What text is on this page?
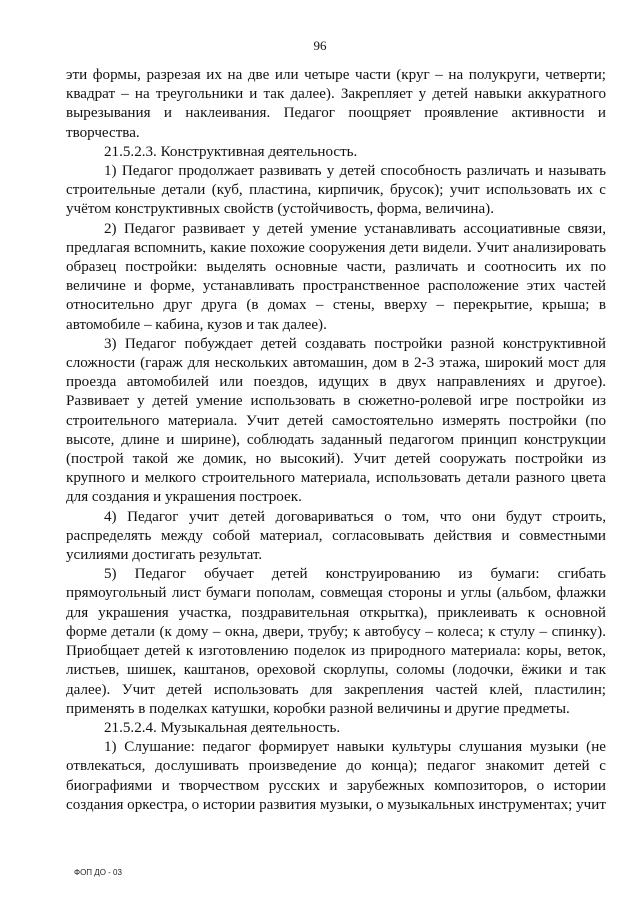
96

эти формы, разрезая их на две или четыре части (круг – на полукруги, четверти; квадрат – на треугольники и так далее). Закрепляет у детей навыки аккуратного вырезывания и наклеивания. Педагог поощряет проявление активности и творчества.

21.5.2.3. Конструктивная деятельность.

1) Педагог продолжает развивать у детей способность различать и называть строительные детали (куб, пластина, кирпичик, брусок); учит использовать их с учётом конструктивных свойств (устойчивость, форма, величина).

2) Педагог развивает у детей умение устанавливать ассоциативные связи, предлагая вспомнить, какие похожие сооружения дети видели. Учит анализировать образец постройки: выделять основные части, различать и соотносить их по величине и форме, устанавливать пространственное расположение этих частей относительно друг друга (в домах – стены, вверху – перекрытие, крыша; в автомобиле – кабина, кузов и так далее).

3) Педагог побуждает детей создавать постройки разной конструктивной сложности (гараж для нескольких автомашин, дом в 2-3 этажа, широкий мост для проезда автомобилей или поездов, идущих в двух направлениях и другое). Развивает у детей умение использовать в сюжетно-ролевой игре постройки из строительного материала. Учит детей самостоятельно измерять постройки (по высоте, длине и ширине), соблюдать заданный педагогом принцип конструкции (построй такой же домик, но высокий). Учит детей сооружать постройки из крупного и мелкого строительного материала, использовать детали разного цвета для создания и украшения построек.

4) Педагог учит детей договариваться о том, что они будут строить, распределять между собой материал, согласовывать действия и совместными усилиями достигать результат.

5) Педагог обучает детей конструированию из бумаги: сгибать прямоугольный лист бумаги пополам, совмещая стороны и углы (альбом, флажки для украшения участка, поздравительная открытка), приклеивать к основной форме детали (к дому – окна, двери, трубу; к автобусу – колеса; к стулу – спинку). Приобщает детей к изготовлению поделок из природного материала: коры, веток, листьев, шишек, каштанов, ореховой скорлупы, соломы (лодочки, ёжики и так далее). Учит детей использовать для закрепления частей клей, пластилин; применять в поделках катушки, коробки разной величины и другие предметы.

21.5.2.4. Музыкальная деятельность.

1) Слушание: педагог формирует навыки культуры слушания музыки (не отвлекаться, дослушивать произведение до конца); педагог знакомит детей с биографиями и творчеством русских и зарубежных композиторов, о истории создания оркестра, о истории развития музыки, о музыкальных инструментах; учит

ФОП ДО - 03
